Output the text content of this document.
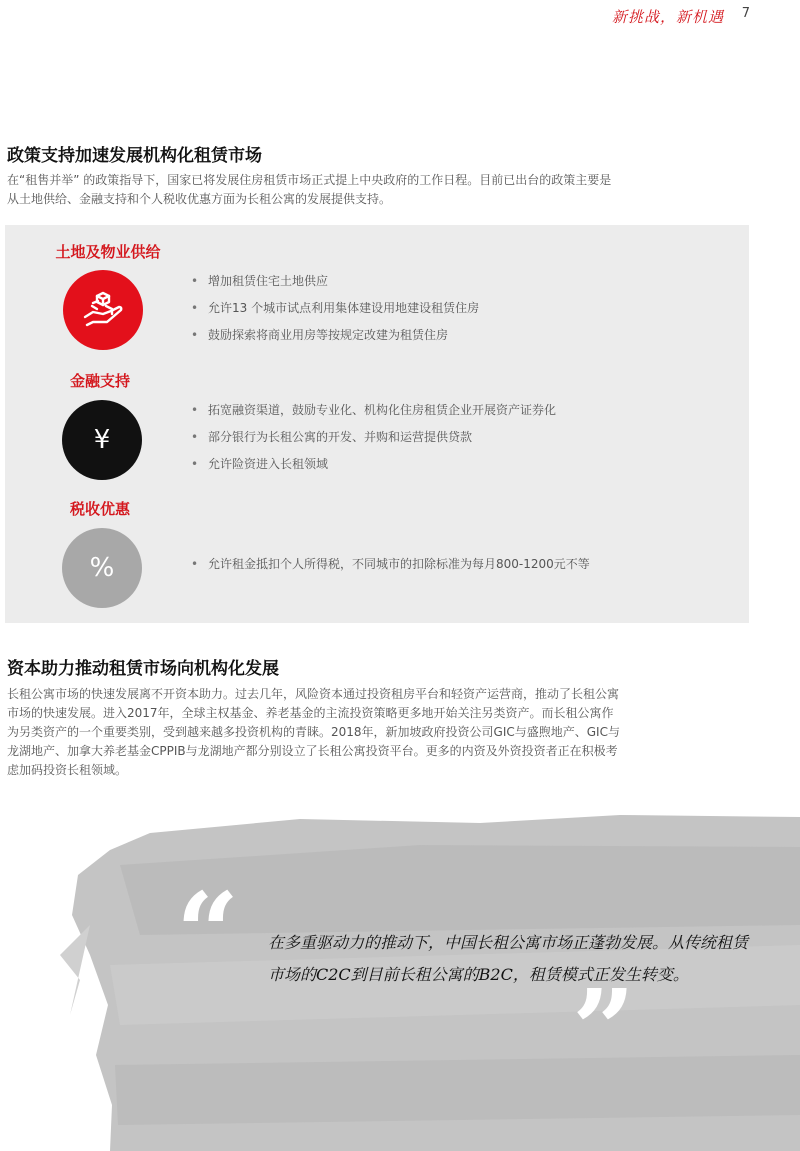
新挑战，新机遇 7
政策支持加速发展机构化租赁市场
在“租售并举” 的政策指导下，国家已将发展住房租赁市场正式提上中央政府的工作日程。目前已出台的政策主要是从土地供给、金融支持和个人税收优惠方面为长租公寓的发展提供支持。
土地及物业供给
• 增加租赁住宅土地供应
• 允许13 个城市试点利用集体建设用地建设租赁住房
• 鼓励探索将商业用房等按规定改建为租赁住房
金融支持
¥
• 拓宽融资渠道，鼓励专业化、机构化住房租赁企业开展资产证券化
• 部分银行为长租公寓的开发、并购和运营提供贷款
• 允许险资进入长租领域
税收优惠
%
•	允许租金抵扣个人所得税，不同城市的扣除标准为每月800-1200元不等
资本助力推动租赁市场向机构化发展
长租公寓市场的快速发展离不开资本助力。过去几年，风险资本通过投资租房平台和轻资产运营商，推动了长租公寓市场的快速发展。进入2017年，全球主权基金、养老基金的主流投资策略更多地开始关注另类资产。而长租公寓作为另类资产的一个重要类别，受到越来越多投资机构的青睐。2018年，新加坡政府投资公司GIC与盛煦地产、GIC与龙湖地产、加拿大养老基金CPPIB与龙湖地产都分别设立了长租公寓投资平台。更多的内资及外资投资者正在积极考虑加码投资长租领域。
“ 在多重驱动力的推动下，中国长租公寓市场正蓬勃发展。从传统租赁市场的C2C到目前长租公寓的B2C，租赁模式正发生转变。
”
